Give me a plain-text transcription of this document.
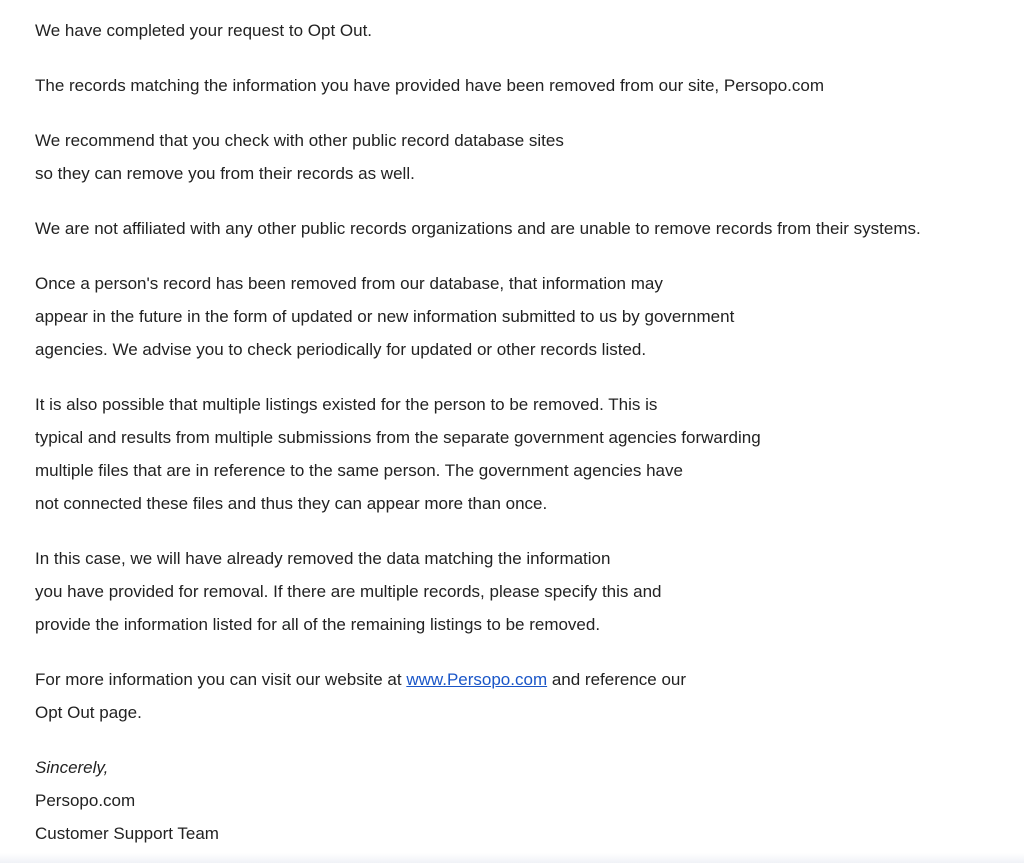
We have completed your request to Opt Out.
The records matching the information you have provided have been removed from our site, Persopo.com
We recommend that you check with other public record database sites
so they can remove you from their records as well.
We are not affiliated with any other public records organizations and are unable to remove records from their systems.
Once a person's record has been removed from our database, that information may
appear in the future in the form of updated or new information submitted to us by government
agencies. We advise you to check periodically for updated or other records listed.
It is also possible that multiple listings existed for the person to be removed. This is
typical and results from multiple submissions from the separate government agencies forwarding
multiple files that are in reference to the same person. The government agencies have
not connected these files and thus they can appear more than once.
In this case, we will have already removed the data matching the information
you have provided for removal. If there are multiple records, please specify this and
provide the information listed for all of the remaining listings to be removed.
For more information you can visit our website at www.Persopo.com and reference our
Opt Out page.
Sincerely,
Persopo.com
Customer Support Team
